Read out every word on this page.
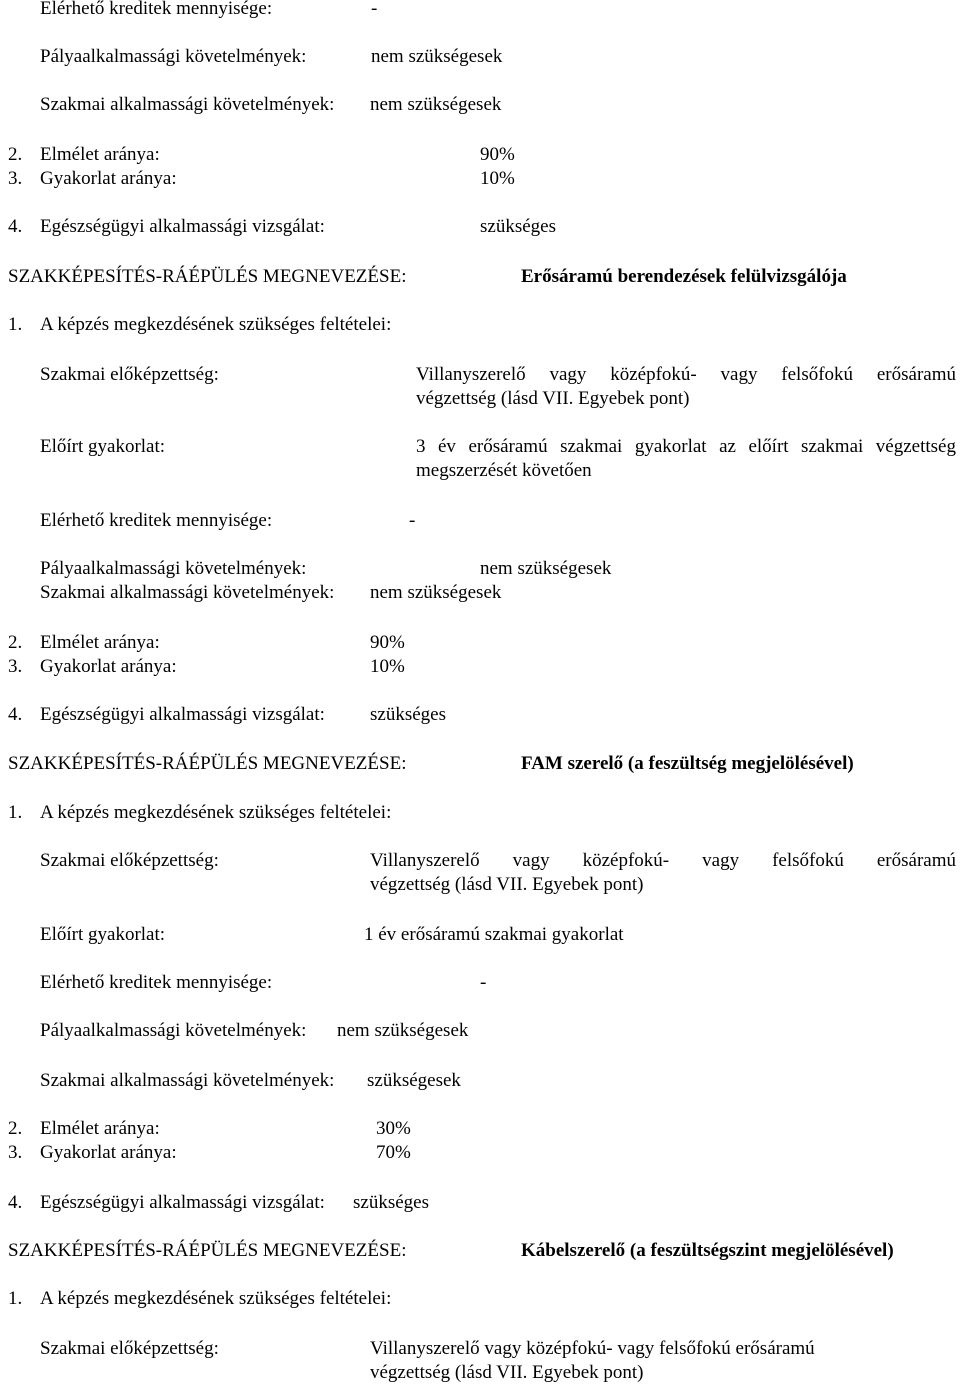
Elérhető kreditek mennyisége:	-
Pályaalkalmassági követelmények:	nem szükségesek
Szakmai alkalmassági követelmények: nem szükségesek
2. Elmélet aránya:	90%
3. Gyakorlat aránya:	10%
4. Egészségügyi alkalmassági vizsgálat:	szükséges
SZAKKÉPESÍTÉS-RÁÉPÜLÉS MEGNEVEZÉSE:	Erősáramú berendezések felülvizsgálója
1. A képzés megkezdésének szükséges feltételei:
Szakmai előképzettség:	Villanyszerelő vagy középfokú- vagy felsőfokú erősáramú
végzettség (lásd VII. Egyebek pont)
Előírt gyakorlat:	3 év erősáramú szakmai gyakorlat az előírt szakmai végzettség
megszerzését követően
Elérhető kreditek mennyisége:	-
Pályaalkalmassági követelmények:	nem szükségesek
Szakmai alkalmassági követelmények: nem szükségesek
2. Elmélet aránya:	90%
3. Gyakorlat aránya:	10%
4. Egészségügyi alkalmassági vizsgálat: szükséges
SZAKKÉPESÍTÉS-RÁÉPÜLÉS MEGNEVEZÉSE:	FAM szerelő (a feszültség megjelölésével)
1. A képzés megkezdésének szükséges feltételei:
Szakmai előképzettség:	Villanyszerelő vagy középfokú- vagy felsőfokú erősáramú
végzettség (lásd VII. Egyebek pont)
Előírt gyakorlat:	1 év erősáramú szakmai gyakorlat
Elérhető kreditek mennyisége:	-
Pályaalkalmassági követelmények: nem szükségesek
Szakmai alkalmassági követelmények: szükségesek
2. Elmélet aránya:	30%
3. Gyakorlat aránya:	70%
4. Egészségügyi alkalmassági vizsgálat: szükséges
SZAKKÉPESÍTÉS-RÁÉPÜLÉS MEGNEVEZÉSE:	Kábelszerelő (a feszültségszint megjelölésével)
1. A képzés megkezdésének szükséges feltételei:
Szakmai előképzettség:	Villanyszerelő vagy középfokú- vagy felsőfokú erősáramú
végzettség (lásd VII. Egyebek pont)
